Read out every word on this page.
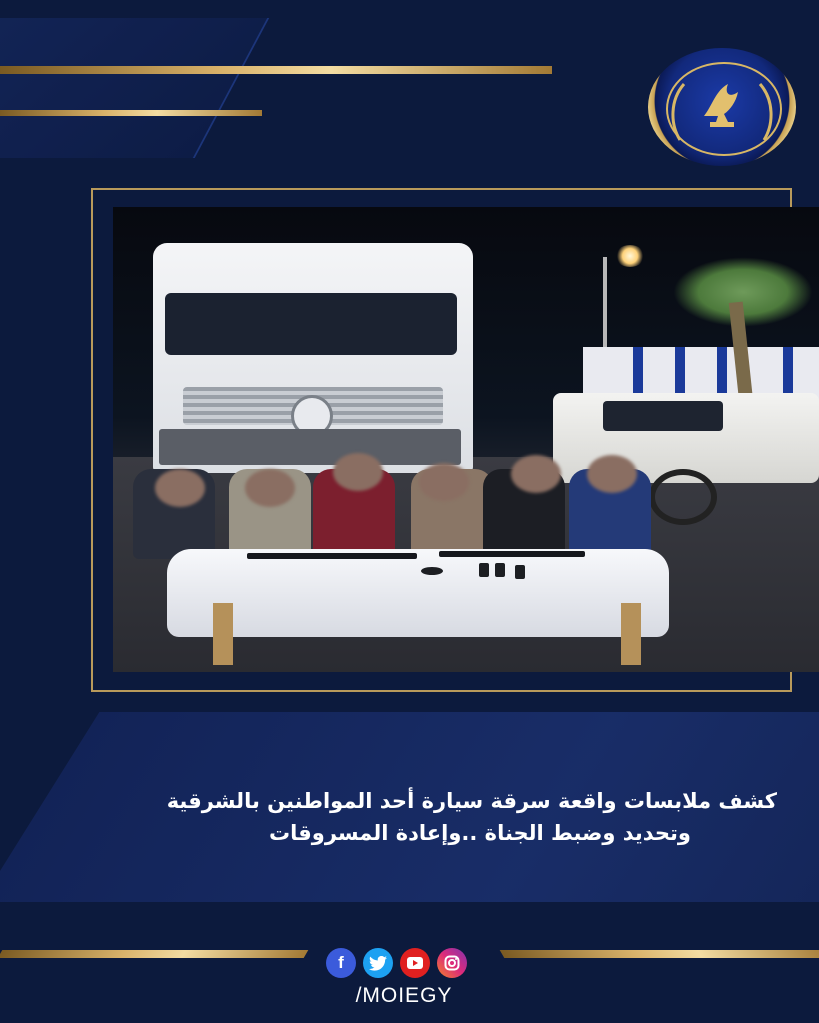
كشف ملابسات واقعة سرقة سيارة أحد المواطنين بالشرقية
وتحديد وضبط الجناة ..وإعادة المسروقات
f
/MOIEGY
